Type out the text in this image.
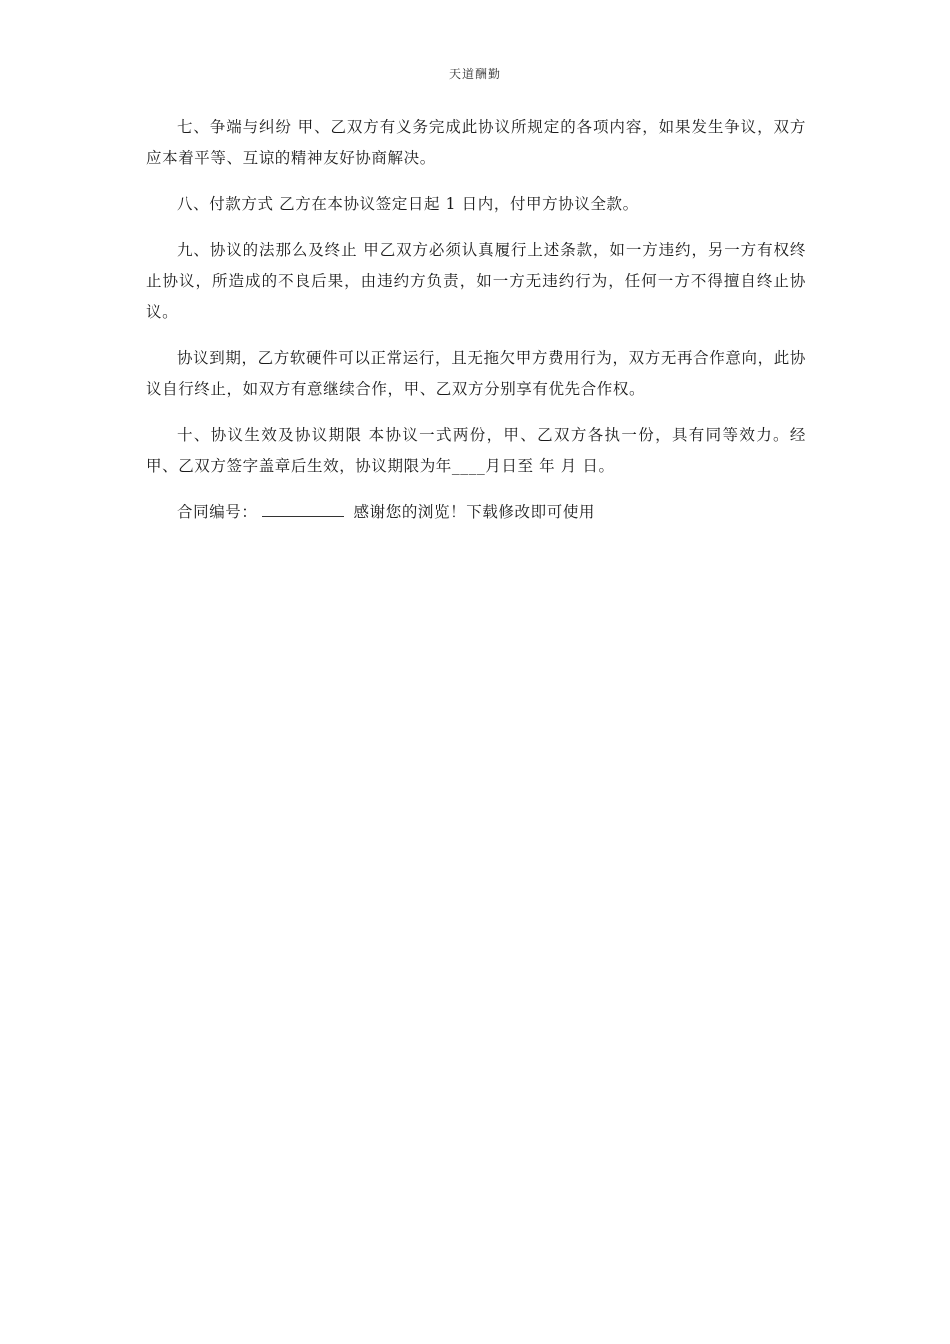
天道酬勤

七、争端与纠纷 甲、乙双方有义务完成此协议所规定的各项内容，如果发生争议，双方应本着平等、互谅的精神友好协商解决。

八、付款方式 乙方在本协议签定日起 1 日内，付甲方协议全款。

九、协议的法那么及终止 甲乙双方必须认真履行上述条款，如一方违约，另一方有权终止协议，所造成的不良后果，由违约方负责，如一方无违约行为，任何一方不得擅自终止协议。

协议到期，乙方软硬件可以正常运行，且无拖欠甲方费用行为，双方无再合作意向，此协议自行终止，如双方有意继续合作，甲、乙双方分别享有优先合作权。

十、协议生效及协议期限 本协议一式两份，甲、乙双方各执一份，具有同等效力。经甲、乙双方签字盖章后生效，协议期限为年____月日至 年 月 日。

合同编号：	感谢您的浏览！下载修改即可使用
